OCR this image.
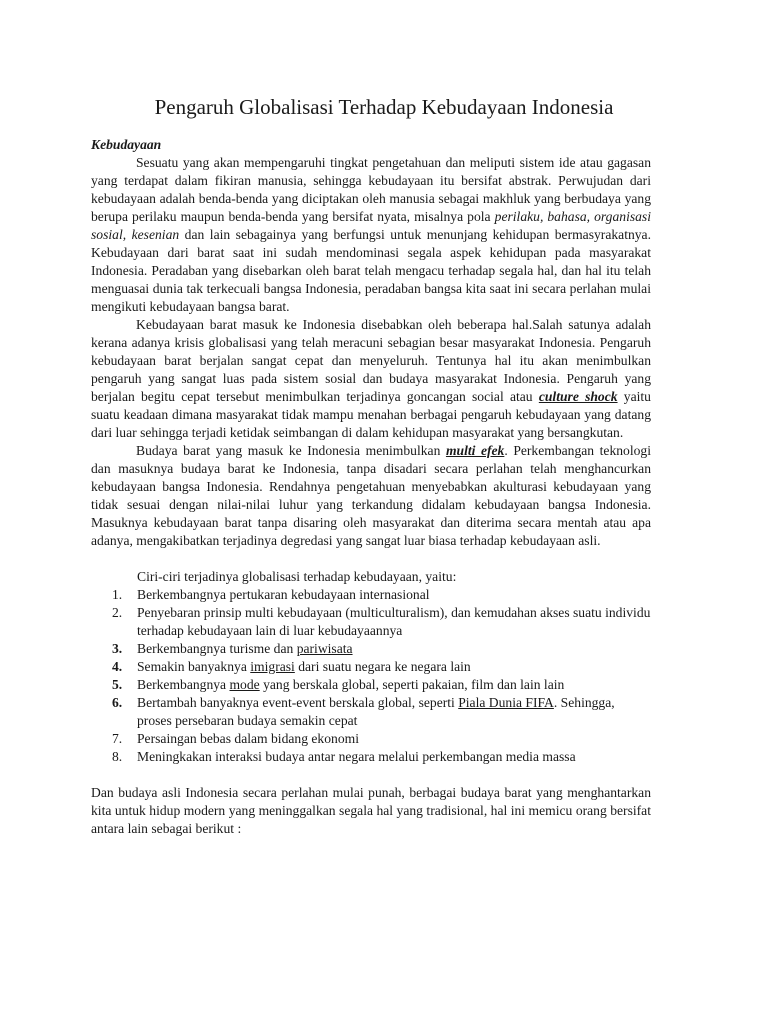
Pengaruh Globalisasi Terhadap Kebudayaan Indonesia
Kebudayaan

Sesuatu yang akan mempengaruhi tingkat pengetahuan dan meliputi sistem ide atau gagasan yang terdapat dalam fikiran manusia, sehingga kebudayaan itu bersifat abstrak. Perwujudan dari kebudayaan adalah benda-benda yang diciptakan oleh manusia sebagai makhluk yang berbudaya yang berupa perilaku maupun benda-benda yang bersifat nyata, misalnya pola perilaku, bahasa, organisasi sosial, kesenian dan lain sebagainya yang berfungsi untuk menunjang kehidupan bermasyrakatnya. Kebudayaan dari barat saat ini sudah mendominasi segala aspek kehidupan pada masyarakat Indonesia. Peradaban yang disebarkan oleh barat telah mengacu terhadap segala hal, dan hal itu telah menguasai dunia tak terkecuali bangsa Indonesia, peradaban bangsa kita saat ini secara perlahan mulai mengikuti kebudayaan bangsa barat.

Kebudayaan barat masuk ke Indonesia disebabkan oleh beberapa hal.Salah satunya adalah kerana adanya krisis globalisasi yang telah meracuni sebagian besar masyarakat Indonesia. Pengaruh kebudayaan barat berjalan sangat cepat dan menyeluruh. Tentunya hal itu akan menimbulkan pengaruh yang sangat luas pada sistem sosial dan budaya masyarakat Indonesia. Pengaruh yang berjalan begitu cepat tersebut menimbulkan terjadinya goncangan social atau culture shock yaitu suatu keadaan dimana masyarakat tidak mampu menahan berbagai pengaruh kebudayaan yang datang dari luar sehingga terjadi ketidak seimbangan di dalam kehidupan masyarakat yang bersangkutan.

Budaya barat yang masuk ke Indonesia menimbulkan multi efek. Perkembangan teknologi dan masuknya budaya barat ke Indonesia, tanpa disadari secara perlahan telah menghancurkan kebudayaan bangsa Indonesia. Rendahnya pengetahuan menyebabkan akulturasi kebudayaan yang tidak sesuai dengan nilai-nilai luhur yang terkandung didalam kebudayaan bangsa Indonesia. Masuknya kebudayaan barat tanpa disaring oleh masyarakat dan diterima secara mentah atau apa adanya, mengakibatkan terjadinya degredasi yang sangat luar biasa terhadap kebudayaan asli.

Ciri-ciri terjadinya globalisasi terhadap kebudayaan, yaitu:
1. Berkembangnya pertukaran kebudayaan internasional
2. Penyebaran prinsip multi kebudayaan (multiculturalism), dan kemudahan akses suatu individu terhadap kebudayaan lain di luar kebudayaannya
3. Berkembangnya turisme dan pariwisata
4. Semakin banyaknya imigrasi dari suatu negara ke negara lain
5. Berkembangnya mode yang berskala global, seperti pakaian, film dan lain lain
6. Bertambah banyaknya event-event berskala global, seperti Piala Dunia FIFA. Sehingga, proses persebaran budaya semakin cepat
7. Persaingan bebas dalam bidang ekonomi
8. Meningkakan interaksi budaya antar negara melalui perkembangan media massa

Dan budaya asli Indonesia secara perlahan mulai punah, berbagai budaya barat yang menghantarkan kita untuk hidup modern yang meninggalkan segala hal yang tradisional, hal ini memicu orang bersifat antara lain sebagai berikut :
